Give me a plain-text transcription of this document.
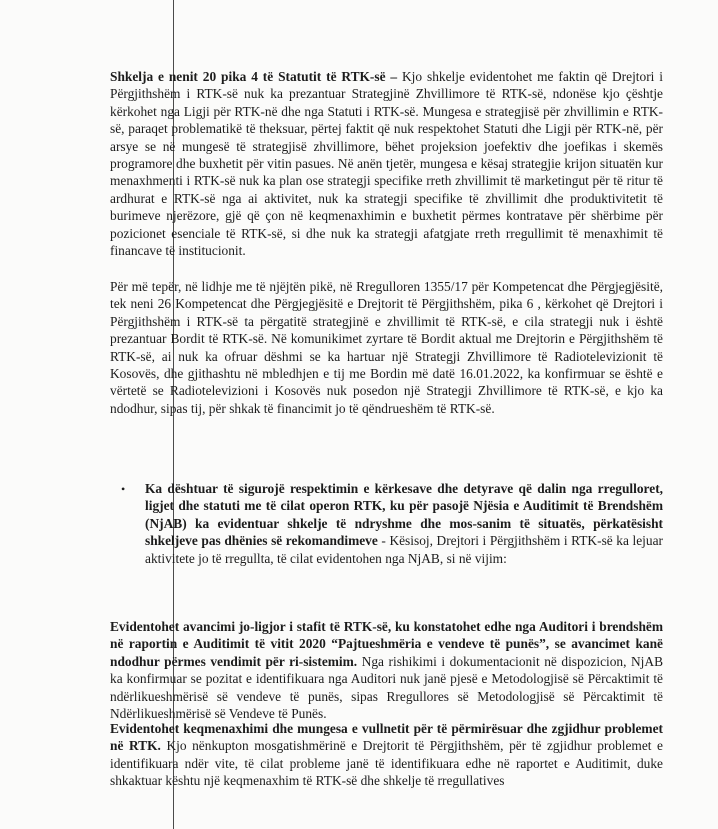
Shkelja e nenit 20 pika 4 të Statutit të RTK-së – Kjo shkelje evidentohet me faktin që Drejtori i Përgjithshëm i RTK-së nuk ka prezantuar Strategjinë Zhvillimore të RTK-së, ndonëse kjo çështje kërkohet nga Ligji për RTK-në dhe nga Statuti i RTK-së. Mungesa e strategjisë për zhvillimin e RTK-së, paraqet problematikë të theksuar, përtej faktit që nuk respektohet Statuti dhe Ligji për RTK-në, për arsye se në mungesë të strategjisë zhvillimore, bëhet projeksion joefektiv dhe joefikas i skemës programore dhe buxhetit për vitin pasues. Në anën tjetër, mungesa e kësaj strategjie krijon situatën kur menaxhmenti i RTK-së nuk ka plan ose strategji specifike rreth zhvillimit të marketingut për të ritur të ardhurat e RTK-së nga ai aktivitet, nuk ka strategji specifike të zhvillimit dhe produktivitetit të burimeve njerëzore, gjë që çon në keqmenaxhimin e buxhetit përmes kontratave për shërbime për pozicionet esenciale të RTK-së, si dhe nuk ka strategji afatgjate rreth rregullimit të menaxhimit të financave të institucionit.

Për më tepër, në lidhje me të njëjtën pikë, në Rregulloren 1355/17 për Kompetencat dhe Përgjegjësitë, tek neni 26 Kompetencat dhe Përgjegjësitë e Drejtorit të Përgjithshëm, pika 6 , kërkohet që Drejtori i Përgjithshëm i RTK-së ta përgatitë strategjinë e zhvillimit të RTK-së, e cila strategji nuk i është prezantuar Bordit të RTK-së. Në komunikimet zyrtare të Bordit aktual me Drejtorin e Përgjithshëm të RTK-së, ai nuk ka ofruar dëshmi se ka hartuar një Strategji Zhvillimore të Radiotelevizionit të Kosovës, dhe gjithashtu në mbledhjen e tij me Bordin më datë 16.01.2022, ka konfirmuar se është e vërtetë se Radiotelevizioni i Kosovës nuk posedon një Strategji Zhvillimore të RTK-së, e kjo ka ndodhur, sipas tij, për shkak të financimit jo të qëndrueshëm të RTK-së.

• Ka dështuar të sigurojë respektimin e kërkesave dhe detyrave që dalin nga rregulloret, ligjet dhe statuti me të cilat operon RTK, ku për pasojë Njësia e Auditimit të Brendshëm (NjAB) ka evidentuar shkelje të ndryshme dhe mos-sanim të situatës, përkatësisht shkeljeve pas dhënies së rekomandimeve - Kësisoj, Drejtori i Përgjithshëm i RTK-së ka lejuar aktivitete jo të rregullta, të cilat evidentohen nga NjAB, si në vijim:

Evidentohet avancimi jo-ligjor i stafit të RTK-së, ku konstatohet edhe nga Auditori i brendshëm në raportin e Auditimit të vitit 2020 “Pajtueshmëria e vendeve të punës”, se avancimet kanë ndodhur përmes vendimit për ri-sistemim. Nga rishikimi i dokumentacionit në dispozicion, NjAB ka konfirmuar se pozitat e identifikuara nga Auditori nuk janë pjesë e Metodologjisë së Përcaktimit të ndërlikueshmërisë së vendeve të punës, sipas Rregullores së Metodologjisë së Përcaktimit të Ndërlikueshmërisë së Vendeve të Punës.

Evidentohet keqmenaxhimi dhe mungesa e vullnetit për të përmirësuar dhe zgjidhur problemet në RTK. Kjo nënkupton mosgatishmërinë e Drejtorit të Përgjithshëm, për të zgjidhur problemet e identifikuara ndër vite, të cilat probleme janë të identifikuara edhe në raportet e Auditimit, duke shkaktuar kështu një keqmenaxhim të RTK-së dhe shkelje të rregullatives
